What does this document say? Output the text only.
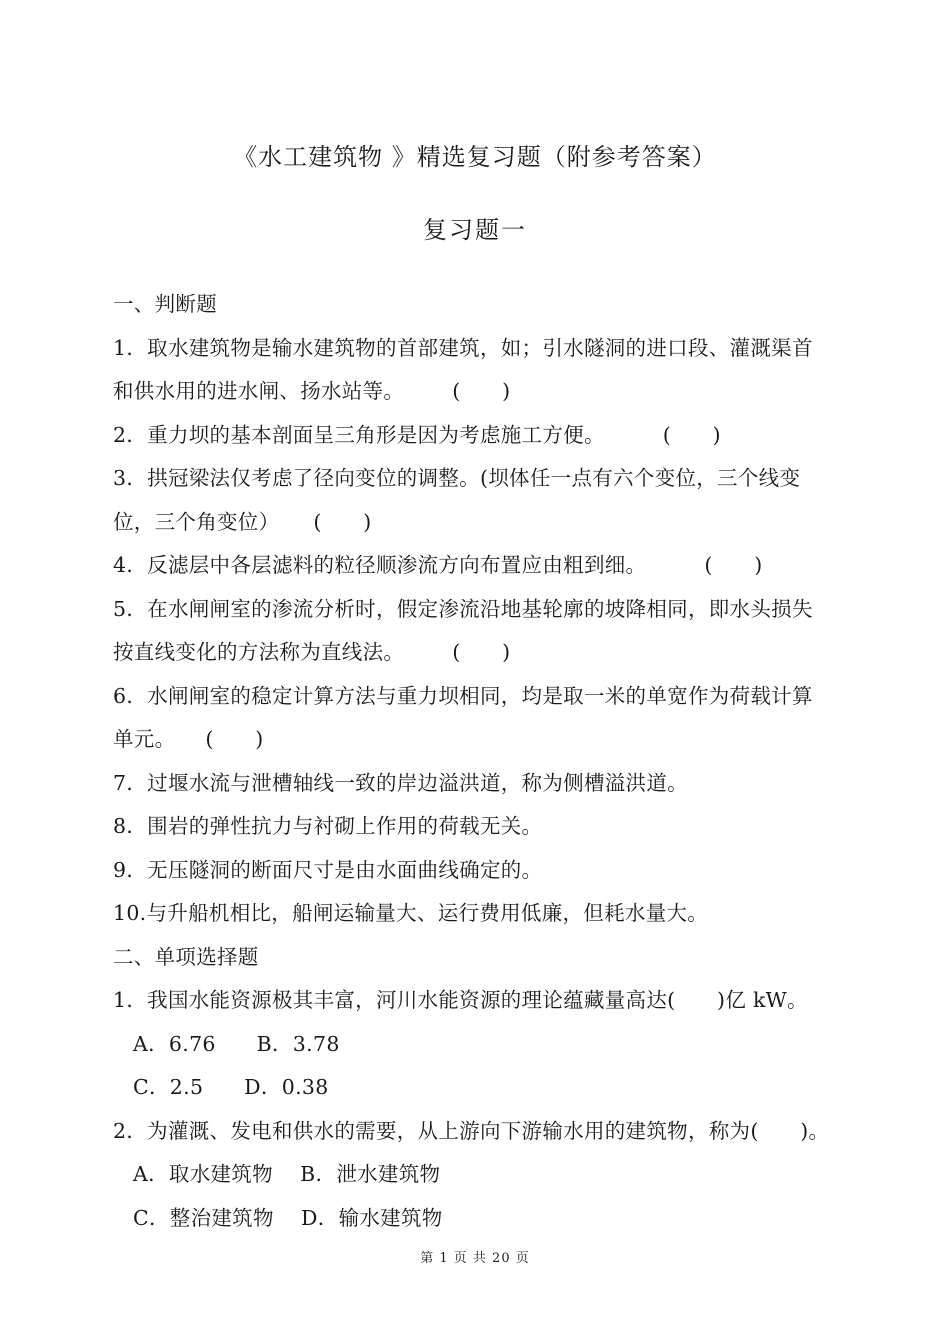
《水工建筑物 》精选复习题（附参考答案）
复习题一
一、判断题
1．取水建筑物是输水建筑物的首部建筑，如；引水隧洞的进口段、灌溉渠首
和供水用的进水闸、扬水站等。 (　　)
2．重力坝的基本剖面呈三角形是因为考虑施工方便。	(　　)
3．拱冠梁法仅考虑了径向变位的调整。(坝体任一点有六个变位，三个线变
位，三个角变位） (　　)
4．反滤层中各层滤料的粒径顺渗流方向布置应由粗到细。	(　　)
5．在水闸闸室的渗流分析时，假定渗流沿地基轮廓的坡降相同，即水头损失
按直线变化的方法称为直线法。 (　　)
6．水闸闸室的稳定计算方法与重力坝相同，均是取一米的单宽作为荷载计算
单元。 (　　)
7．过堰水流与泄槽轴线一致的岸边溢洪道，称为侧槽溢洪道。
8．围岩的弹性抗力与衬砌上作用的荷载无关。
9．无压隧洞的断面尺寸是由水面曲线确定的。
10.与升船机相比，船闸运输量大、运行费用低廉，但耗水量大。
二、单项选择题
1．我国水能资源极其丰富，河川水能资源的理论蕴藏量高达(　　)亿 kW。
A．6.76      B．3.78
C．2.5      D．0.38
2．为灌溉、发电和供水的需要，从上游向下游输水用的建筑物，称为(　　)。
A．取水建筑物    B．泄水建筑物
C．整治建筑物    D．输水建筑物
第 1 页 共 20 页
